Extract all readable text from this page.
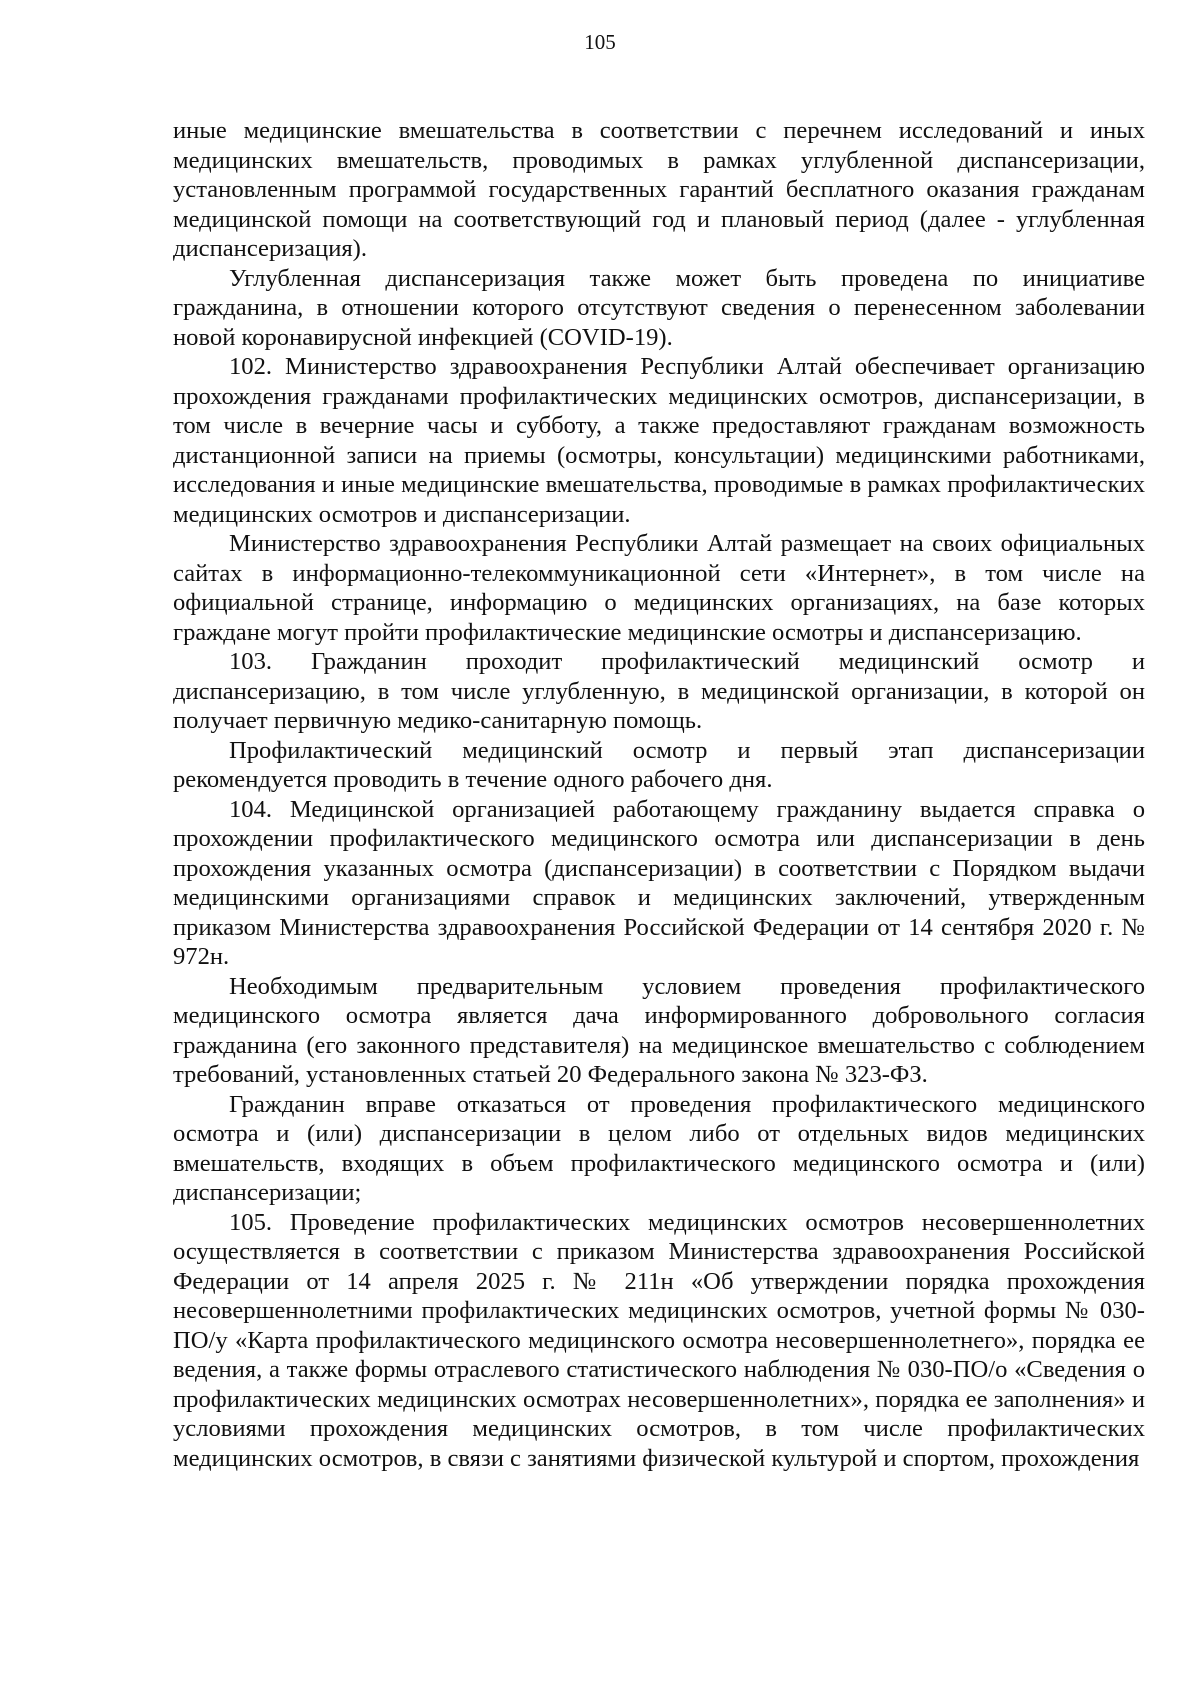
105

иные медицинские вмешательства в соответствии с перечнем исследований и иных медицинских вмешательств, проводимых в рамках углубленной диспансеризации, установленным программой государственных гарантий бесплатного оказания гражданам медицинской помощи на соответствующий год и плановый период (далее - углубленная диспансеризация).

Углубленная диспансеризация также может быть проведена по инициативе гражданина, в отношении которого отсутствуют сведения о перенесенном заболевании новой коронавирусной инфекцией (COVID-19).

102. Министерство здравоохранения Республики Алтай обеспечивает организацию прохождения гражданами профилактических медицинских осмотров, диспансеризации, в том числе в вечерние часы и субботу, а также предоставляют гражданам возможность дистанционной записи на приемы (осмотры, консультации) медицинскими работниками, исследования и иные медицинские вмешательства, проводимые в рамках профилактических медицинских осмотров и диспансеризации.

Министерство здравоохранения Республики Алтай размещает на своих официальных сайтах в информационно-телекоммуникационной сети «Интернет», в том числе на официальной странице, информацию о медицинских организациях, на базе которых граждане могут пройти профилактические медицинские осмотры и диспансеризацию.

103. Гражданин проходит профилактический медицинский осмотр и диспансеризацию, в том числе углубленную, в медицинской организации, в которой он получает первичную медико-санитарную помощь.

Профилактический медицинский осмотр и первый этап диспансеризации рекомендуется проводить в течение одного рабочего дня.

104. Медицинской организацией работающему гражданину выдается справка о прохождении профилактического медицинского осмотра или диспансеризации в день прохождения указанных осмотра (диспансеризации) в соответствии с Порядком выдачи медицинскими организациями справок и медицинских заключений, утвержденным приказом Министерства здравоохранения Российской Федерации от 14 сентября 2020 г. № 972н.

Необходимым предварительным условием проведения профилактического медицинского осмотра является дача информированного добровольного согласия гражданина (его законного представителя) на медицинское вмешательство с соблюдением требований, установленных статьей 20 Федерального закона № 323-ФЗ.

Гражданин вправе отказаться от проведения профилактического медицинского осмотра и (или) диспансеризации в целом либо от отдельных видов медицинских вмешательств, входящих в объем профилактического медицинского осмотра и (или) диспансеризации;

105. Проведение профилактических медицинских осмотров несовершеннолетних осуществляется в соответствии с приказом Министерства здравоохранения Российской Федерации от 14 апреля 2025 г. № 211н «Об утверждении порядка прохождения несовершеннолетними профилактических медицинских осмотров, учетной формы № 030-ПО/у «Карта профилактического медицинского осмотра несовершеннолетнего», порядка ее ведения, а также формы отраслевого статистического наблюдения № 030-ПО/о «Сведения о профилактических медицинских осмотрах несовершеннолетних», порядка ее заполнения» и условиями прохождения медицинских осмотров, в том числе профилактических медицинских осмотров, в связи с занятиями физической культурой и спортом, прохождения
